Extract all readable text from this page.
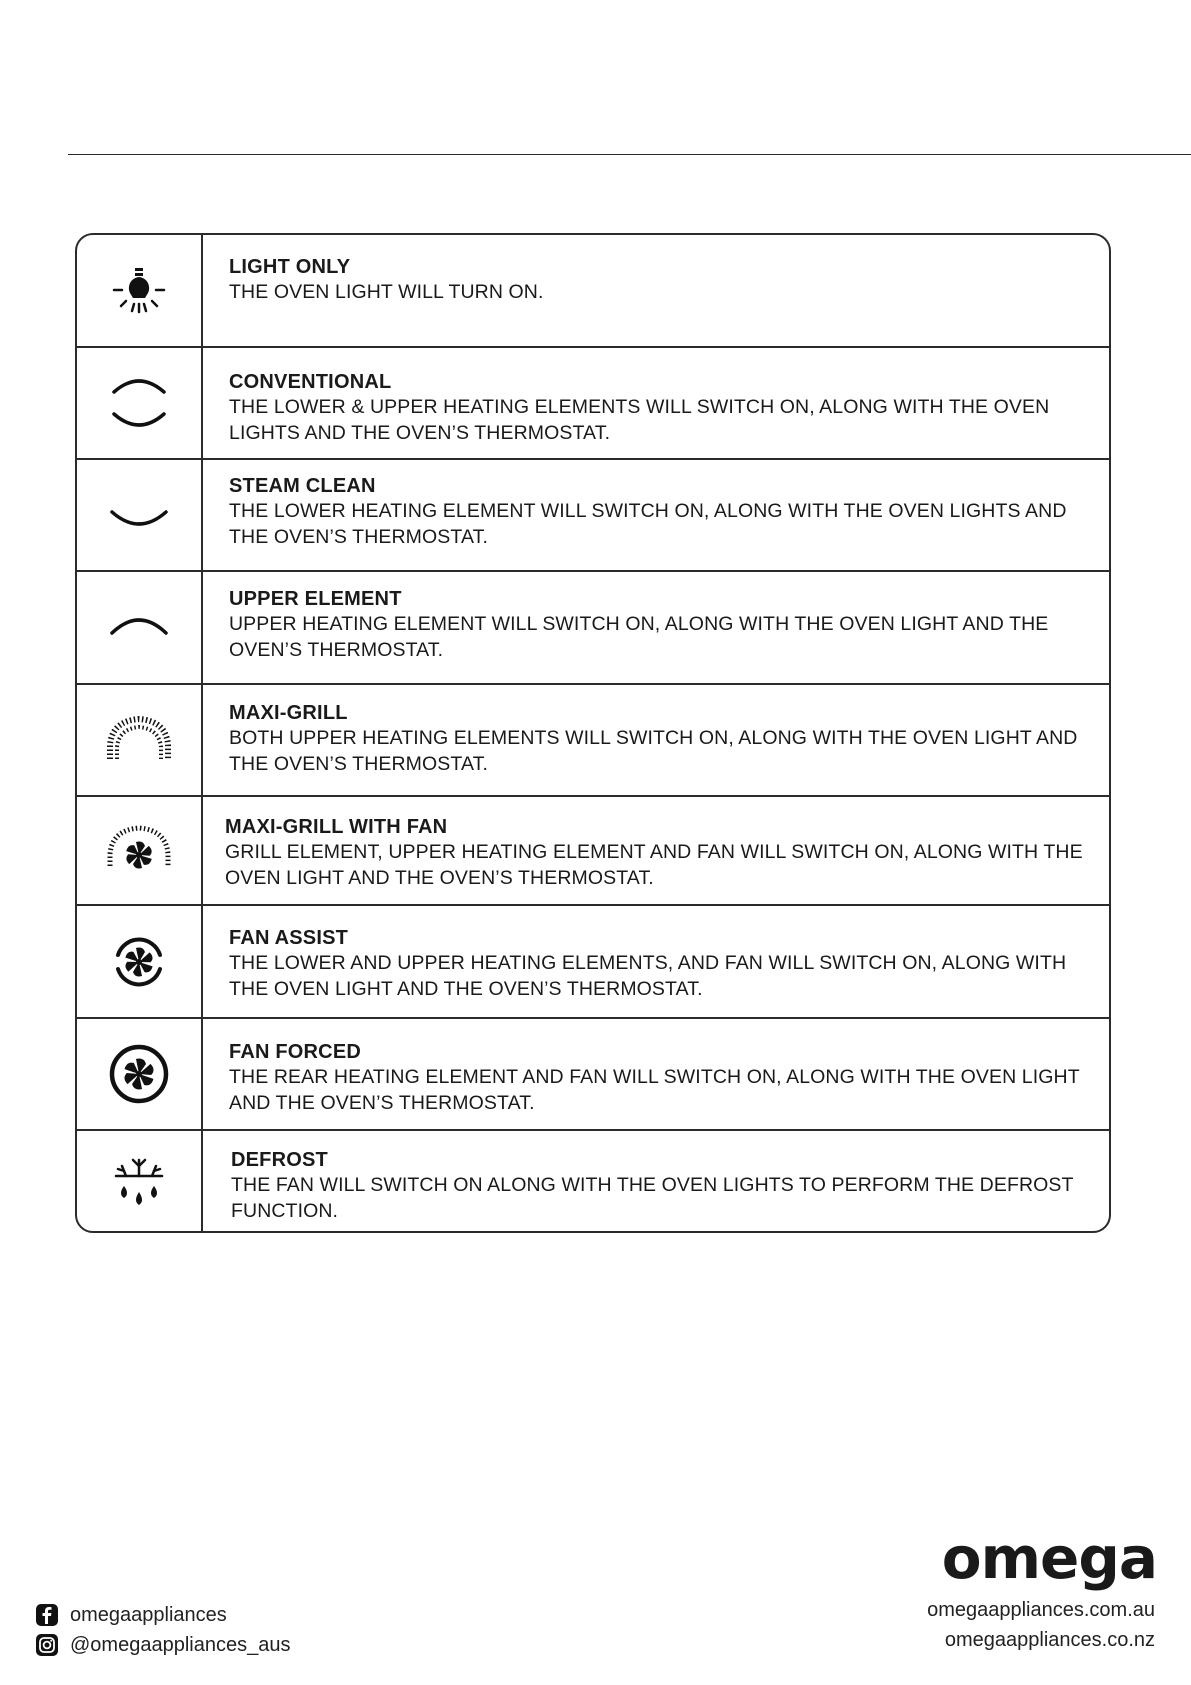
LIGHT ONLY
THE OVEN LIGHT WILL TURN ON.
CONVENTIONAL
THE LOWER & UPPER HEATING ELEMENTS WILL SWITCH ON, ALONG WITH THE OVEN LIGHTS AND THE OVEN’S THERMOSTAT.
STEAM CLEAN
THE LOWER HEATING ELEMENT WILL SWITCH ON, ALONG WITH THE OVEN LIGHTS AND THE OVEN’S THERMOSTAT.
UPPER ELEMENT
UPPER HEATING ELEMENT WILL SWITCH ON, ALONG WITH THE OVEN LIGHT AND THE OVEN’S THERMOSTAT.
MAXI-GRILL
BOTH UPPER HEATING ELEMENTS WILL SWITCH ON, ALONG WITH THE OVEN LIGHT AND THE OVEN’S THERMOSTAT.
MAXI-GRILL WITH FAN
GRILL ELEMENT, UPPER HEATING ELEMENT AND FAN WILL SWITCH ON, ALONG WITH THE OVEN LIGHT AND THE OVEN’S THERMOSTAT.
FAN ASSIST
THE LOWER AND UPPER HEATING ELEMENTS, AND FAN WILL SWITCH ON, ALONG WITH THE OVEN LIGHT AND THE OVEN’S THERMOSTAT.
FAN FORCED
THE REAR HEATING ELEMENT AND FAN WILL SWITCH ON, ALONG WITH THE OVEN LIGHT AND THE OVEN’S THERMOSTAT.
DEFROST
THE FAN WILL SWITCH ON ALONG WITH THE OVEN LIGHTS TO PERFORM THE DEFROST FUNCTION.
omegaappliances
@omegaappliances_aus
omega
omegaappliances.com.au
omegaappliances.co.nz
